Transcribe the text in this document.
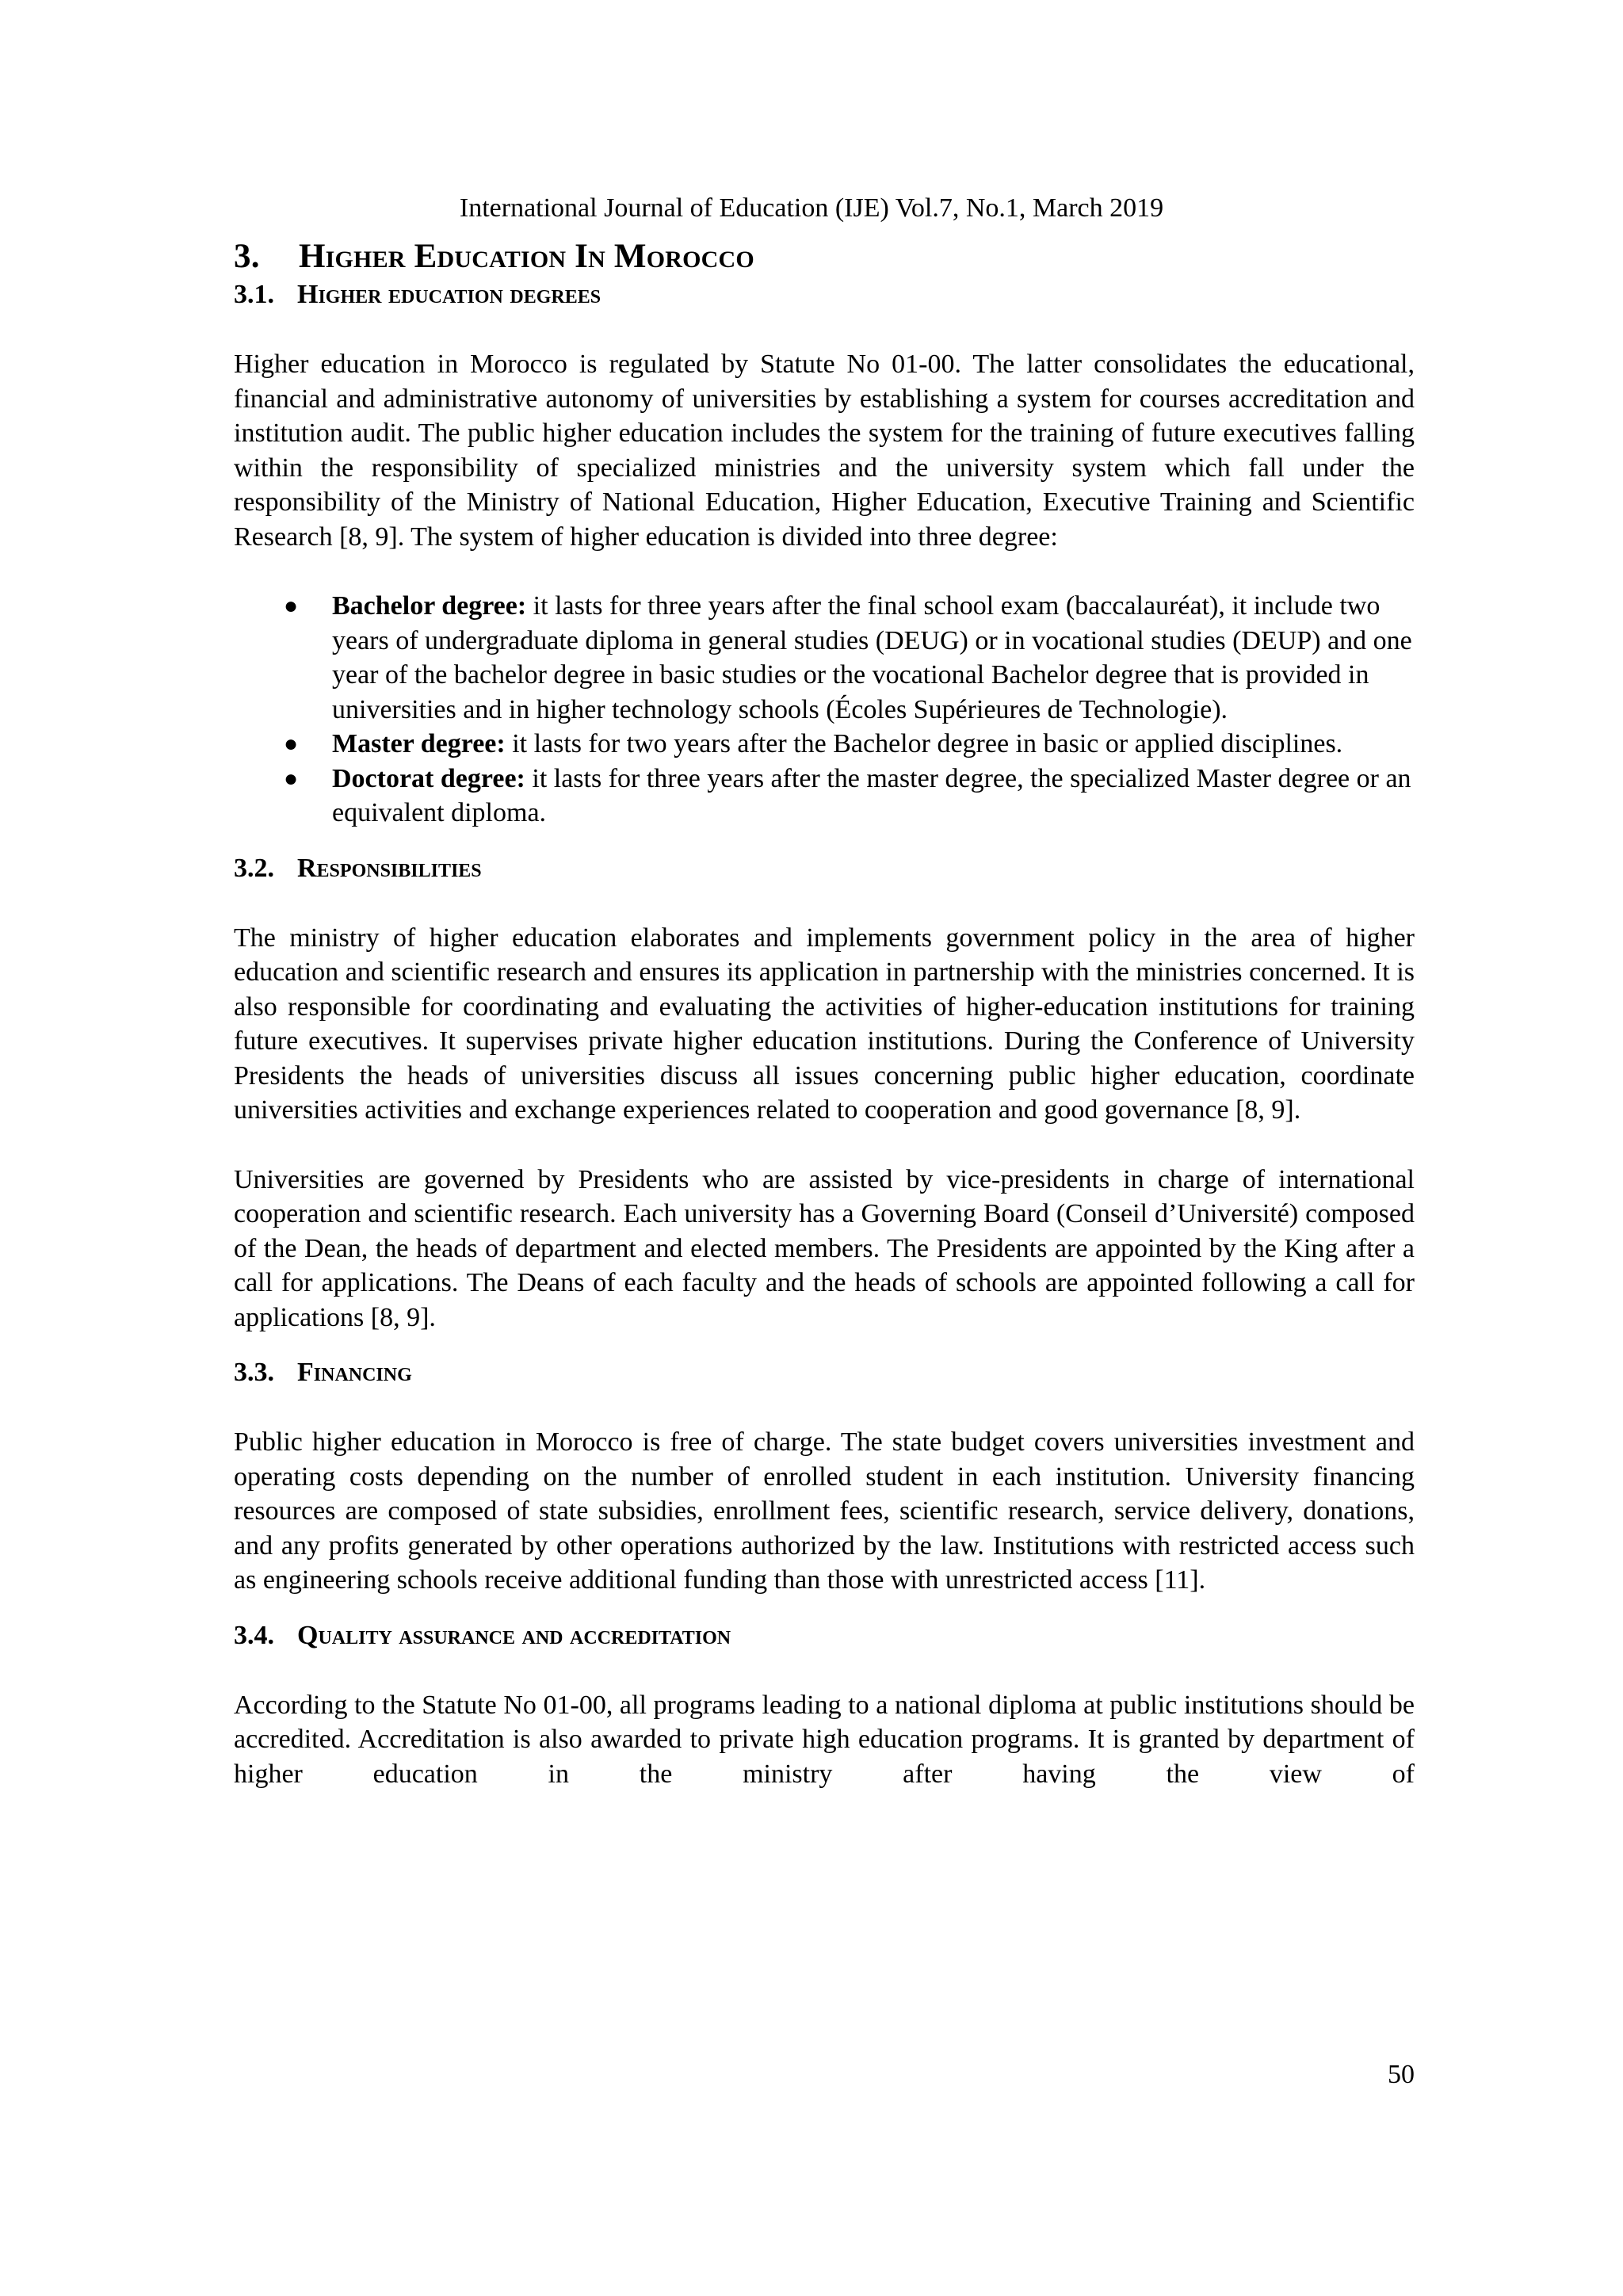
International Journal of Education (IJE) Vol.7, No.1, March 2019
3. Higher Education In Morocco
3.1. Higher education degrees

Higher education in Morocco is regulated by Statute No 01-00. The latter consolidates the educational, financial and administrative autonomy of universities by establishing a system for courses accreditation and institution audit. The public higher education includes the system for the training of future executives falling within the responsibility of specialized ministries and the university system which fall under the responsibility of the Ministry of National Education, Higher Education, Executive Training and Scientific Research [8, 9]. The system of higher education is divided into three degree:

● Bachelor degree: it lasts for three years after the final school exam (baccalauréat), it include two years of undergraduate diploma in general studies (DEUG) or in vocational studies (DEUP) and one year of the bachelor degree in basic studies or the vocational Bachelor degree that is provided in universities and in higher technology schools (Écoles Supérieures de Technologie).
● Master degree: it lasts for two years after the Bachelor degree in basic or applied disciplines.
● Doctorat degree: it lasts for three years after the master degree, the specialized Master degree or an equivalent diploma.
3.2. Responsibilities

The ministry of higher education elaborates and implements government policy in the area of higher education and scientific research and ensures its application in partnership with the ministries concerned. It is also responsible for coordinating and evaluating the activities of higher-education institutions for training future executives. It supervises private higher education institutions. During the Conference of University Presidents the heads of universities discuss all issues concerning public higher education, coordinate universities activities and exchange experiences related to cooperation and good governance [8, 9].

Universities are governed by Presidents who are assisted by vice-presidents in charge of international cooperation and scientific research. Each university has a Governing Board (Conseil d’Université) composed of the Dean, the heads of department and elected members. The Presidents are appointed by the King after a call for applications. The Deans of each faculty and the heads of schools are appointed following a call for applications [8, 9].

3.3. Financing

Public higher education in Morocco is free of charge. The state budget covers universities investment and operating costs depending on the number of enrolled student in each institution. University financing resources are composed of state subsidies, enrollment fees, scientific research, service delivery, donations, and any profits generated by other operations authorized by the law. Institutions with restricted access such as engineering schools receive additional funding than those with unrestricted access [11].

3.4. Quality assurance and accreditation

According to the Statute No 01-00, all programs leading to a national diploma at public institutions should be accredited. Accreditation is also awarded to private high education programs. It is granted by department of higher education in the ministry after having the view of

50
